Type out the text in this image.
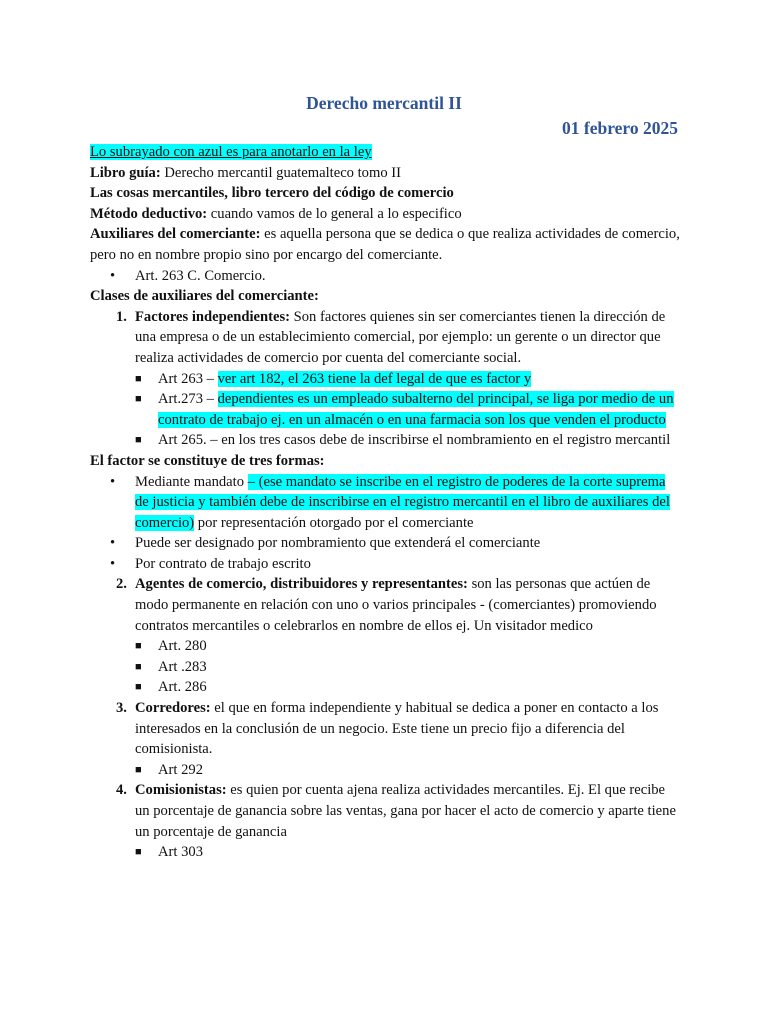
Derecho mercantil II
01 febrero 2025

Lo subrayado con azul es para anotarlo en la ley

Libro guía: Derecho mercantil guatemalteco tomo II

Las cosas mercantiles, libro tercero del código de comercio

Método deductivo: cuando vamos de lo general a lo especifico

Auxiliares del comerciante: es aquella persona que se dedica o que realiza actividades de comercio, pero no en nombre propio sino por encargo del comerciante.

• Art. 263 C. Comercio.

Clases de auxiliares del comerciante:

1. Factores independientes: Son factores quienes sin ser comerciantes tienen la dirección de una empresa o de un establecimiento comercial, por ejemplo: un gerente o un director que realiza actividades de comercio por cuenta del comerciante social.

■ Art 263 – ver art 182, el 263 tiene la def legal de que es factor y

■ Art.273 – dependientes es un empleado subalterno del principal, se liga por medio de un contrato de trabajo ej. en un almacén o en una farmacia son los que venden el producto

■ Art 265. – en los tres casos debe de inscribirse el nombramiento en el registro mercantil

El factor se constituye de tres formas:

• Mediante mandato – (ese mandato se inscribe en el registro de poderes de la corte suprema de justicia y también debe de inscribirse en el registro mercantil en el libro de auxiliares del comercio) por representación otorgado por el comerciante

• Puede ser designado por nombramiento que extenderá el comerciante

• Por contrato de trabajo escrito

2. Agentes de comercio, distribuidores y representantes: son las personas que actúen de modo permanente en relación con uno o varios principales - (comerciantes) promoviendo contratos mercantiles o celebrarlos en nombre de ellos ej. Un visitador medico

■ Art. 280

■ Art .283

■ Art. 286

3. Corredores: el que en forma independiente y habitual se dedica a poner en contacto a los interesados en la conclusión de un negocio. Este tiene un precio fijo a diferencia del comisionista.

■ Art 292

4. Comisionistas: es quien por cuenta ajena realiza actividades mercantiles. Ej. El que recibe un porcentaje de ganancia sobre las ventas, gana por hacer el acto de comercio y aparte tiene un porcentaje de ganancia

■ Art 303
